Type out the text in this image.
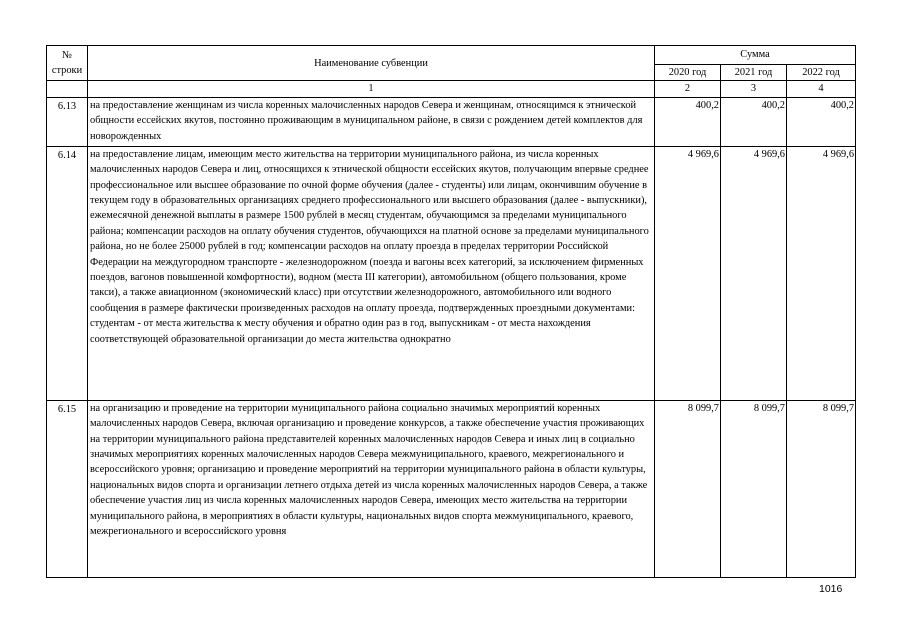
№
строки	Наименование субвенции	Сумма		
		2020 год	2021 год	2022 год
	1	2	3	4
6.13	на предоставление женщинам из числа коренных малочисленных народов Севера и женщинам, относящимся к этнической общности ессейских якутов, постоянно проживающим в муниципальном районе, в связи с рождением детей комплектов для новорожденных	400,2	400,2	400,2
6.14	на предоставление лицам, имеющим место жительства на территории муниципального района, из числа коренных малочисленных народов Севера и лиц, относящихся к этнической общности ессейских якутов, получающим впервые среднее профессиональное или высшее образование по очной форме обучения (далее - студенты) или лицам, окончившим обучение в текущем году в образовательных организациях среднего профессионального или высшего образования (далее - выпускники), ежемесячной денежной выплаты в размере 1500 рублей в месяц студентам, обучающимся за пределами муниципального района; компенсации расходов на оплату обучения студентов, обучающихся на платной основе за пределами муниципального района, но не более 25000 рублей в год; компенсации расходов на оплату проезда в пределах территории Российской Федерации на междугородном транспорте - железнодорожном (поезда и вагоны всех категорий, за исключением фирменных поездов, вагонов повышенной комфортности), водном (места III категории), автомобильном (общего пользования, кроме такси), а также авиационном (экономический класс) при отсутствии железнодорожного, автомобильного или водного сообщения в размере фактически произведенных расходов на оплату проезда, подтвержденных проездными документами: студентам - от места жительства к месту обучения и обратно один раз в год, выпускникам - от места нахождения соответствующей образовательной организации до места жительства однократно	4 969,6	4 969,6	4 969,6
6.15	на организацию и проведение на территории муниципального района социально значимых мероприятий коренных малочисленных народов Севера, включая организацию и проведение конкурсов, а также обеспечение участия проживающих на территории муниципального района представителей коренных малочисленных народов Севера и иных лиц в социально значимых мероприятиях коренных малочисленных народов Севера межмуниципального, краевого, межрегионального и всероссийского уровня; организацию и проведение мероприятий на территории муниципального района в области культуры, национальных видов спорта и организации летнего отдыха детей из числа коренных малочисленных народов Севера, а также обеспечение участия лиц из числа коренных малочисленных народов Севера, имеющих место жительства на территории муниципального района, в мероприятиях в области культуры, национальных видов спорта межмуниципального, краевого, межрегионального и всероссийского уровня	8 099,7	8 099,7	8 099,7
1016
